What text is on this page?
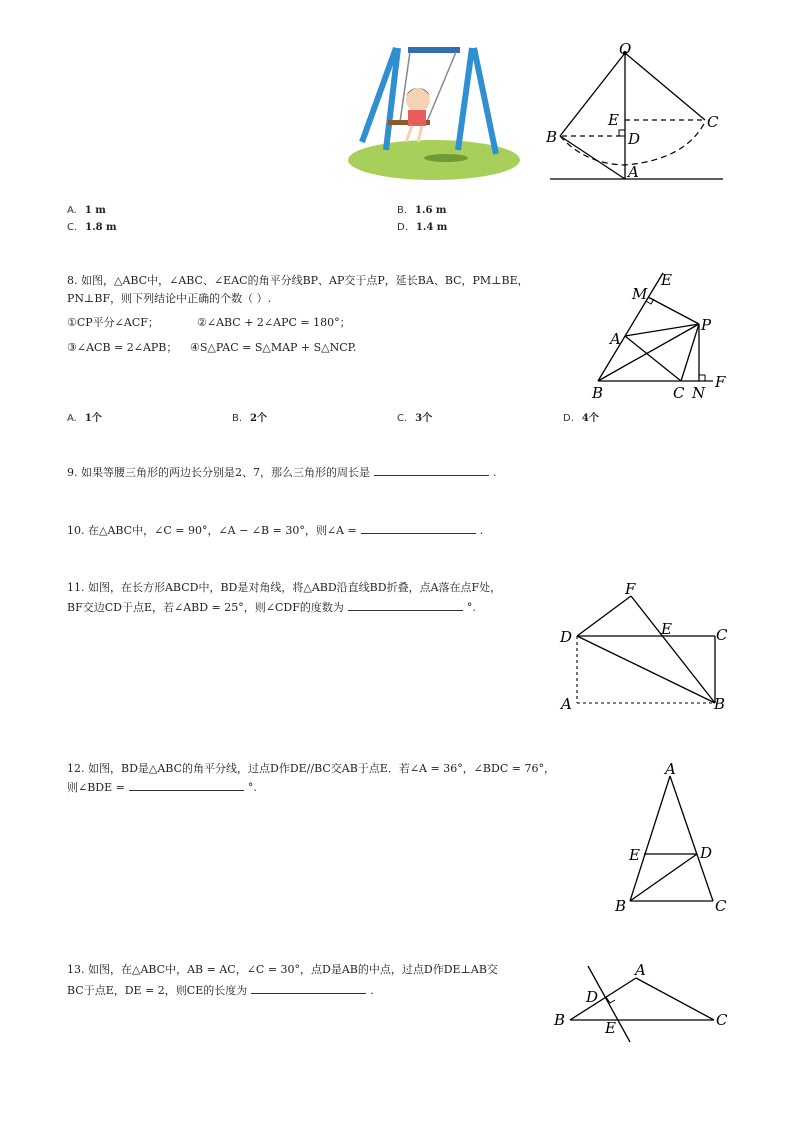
O
E	C
B	D
A
A. 1 m	B. 1.6 m
C. 1.8 m	D. 1.4 m
8. 如图，△ABC中，∠ABC、∠EAC的角平分线BP、AP交于点P，延长BA、BC，PM⊥BE，
PN⊥BF，则下列结论中正确的个数（ ）.
①CP平分∠ACF；	②∠ABC + 2∠APC = 180°；
③∠ACB = 2∠APB； ④S△PAC = S△MAP + S△NCP.
E
M
P
A
B	C N
F
A. 1个	B. 2个	C. 3个	D. 4个
9. 如果等腰三角形的两边长分别是2、7，那么三角形的周长是	.
10. 在△ABC中，∠C = 90°，∠A − ∠B = 30°，则∠A =	.
11. 如图，在长方形ABCD中，BD是对角线，将△ABD沿直线BD折叠，点A落在点F处，
BF交边CD于点E，若∠ABD = 25°，则∠CDF的度数为	°.
F
D	E	C
A	B
12. 如图，BD是△ABC的角平分线，过点D作DE//BC交AB于点E．若∠A = 36°，∠BDC = 76°，
则∠BDE =	°.
A
E	D
B	C
13. 如图，在△ABC中，AB = AC，∠C = 30°，点D是AB的中点，过点D作DE⊥AB交
BC于点E，DE = 2，则CE的长度为	.
A
D
B	E	C
